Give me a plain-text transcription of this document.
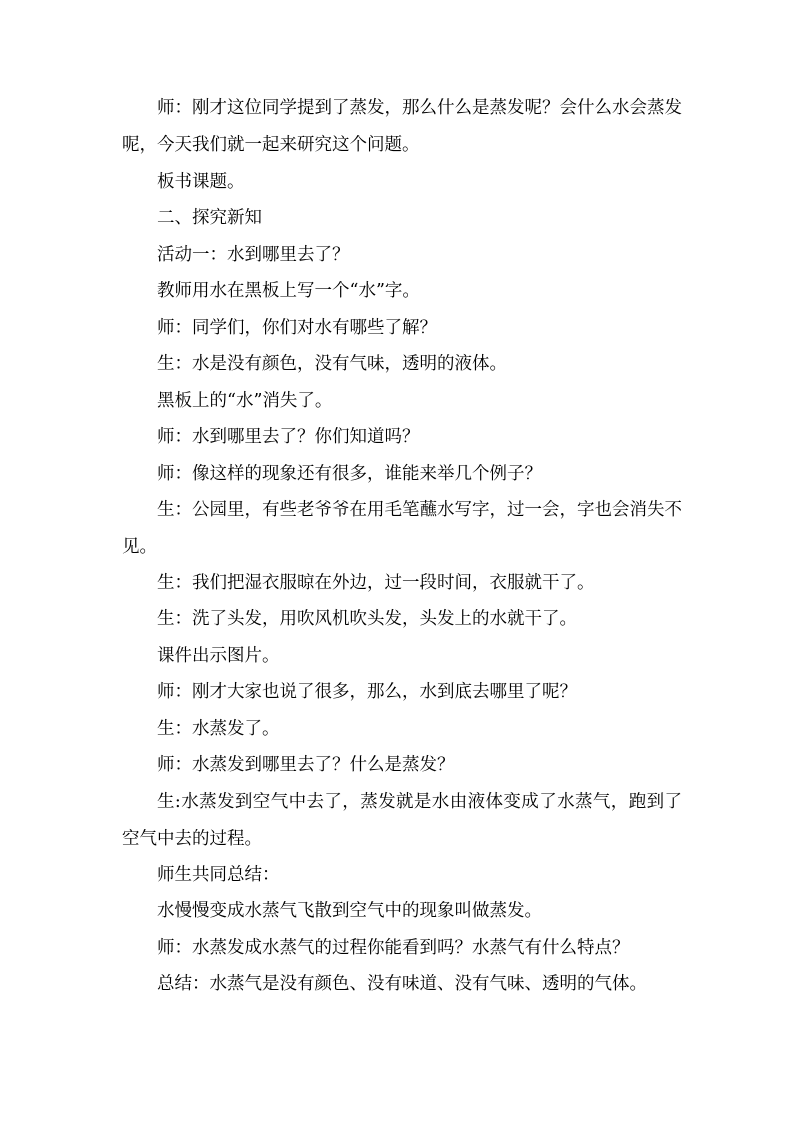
师：刚才这位同学提到了蒸发，那么什么是蒸发呢？会什么水会蒸发呢，今天我们就一起来研究这个问题。

板书课题。

二、探究新知

活动一：水到哪里去了？

教师用水在黑板上写一个“水”字。

师：同学们，你们对水有哪些了解？

生：水是没有颜色，没有气味，透明的液体。

黑板上的“水”消失了。

师：水到哪里去了？你们知道吗？

师：像这样的现象还有很多，谁能来举几个例子？

生：公园里，有些老爷爷在用毛笔蘸水写字，过一会，字也会消失不见。

生：我们把湿衣服晾在外边，过一段时间，衣服就干了。

生：洗了头发，用吹风机吹头发，头发上的水就干了。

课件出示图片。

师：刚才大家也说了很多，那么，水到底去哪里了呢？

生：水蒸发了。

师：水蒸发到哪里去了？什么是蒸发？

生:水蒸发到空气中去了，蒸发就是水由液体变成了水蒸气，跑到了空气中去的过程。

师生共同总结：

水慢慢变成水蒸气飞散到空气中的现象叫做蒸发。

师：水蒸发成水蒸气的过程你能看到吗？水蒸气有什么特点？

总结：水蒸气是没有颜色、没有味道、没有气味、透明的气体。
